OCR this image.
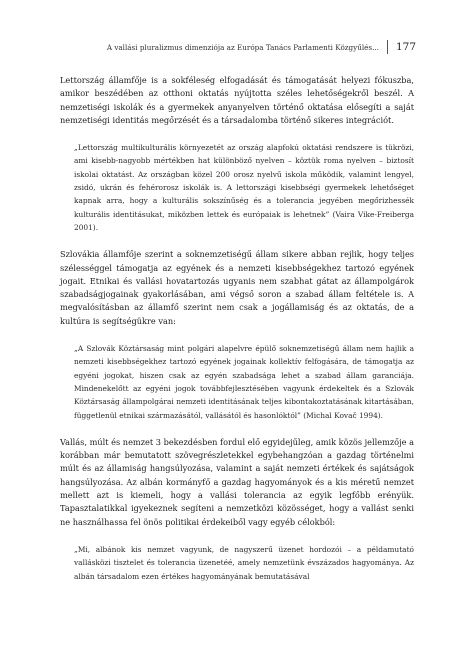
A vallási pluralizmus dimenziója az Európa Tanács Parlamenti Közgyűlés...	177

Lettország államfője is a sokféleség elfogadását és támogatását helyezi fókuszba, amikor beszédében az otthoni oktatás nyújtotta széles lehetőségekről beszél. A nemzetiségi iskolák és a gyermekek anyanyelven történő oktatása elősegíti a saját nemzetiségi identitás megőrzését és a társadalomba történő sikeres integrációt.

„Lettország multikulturális környezetét az ország alapfokú oktatási rendszere is tükrözi, ami kisebb-nagyobb mértékben hat különböző nyelven – köztük roma nyelven – biztosít iskolai oktatást. Az országban közel 200 orosz nyelvű iskola működik, valamint lengyel, zsidó, ukrán és fehérorosz iskolák is. A lettországi kisebbségi gyermekek lehetőséget kapnak arra, hogy a kulturális sokszínűség és a tolerancia jegyében megőrizhessék kulturális identitásukat, miközben lettek és európaiak is lehetnek” (Vaira Vike-Freiberga 2001).

Szlovákia államfője szerint a soknemzetiségű állam sikere abban rejlik, hogy teljes szélességgel támogatja az egyének és a nemzeti kisebbségekhez tartozó egyének jogait. Etnikai és vallási hovatartozás ugyanis nem szabhat gátat az állampolgárok szabadságjogainak gyakorlásában, ami végső soron a szabad állam feltétele is. A megvalósításban az államfő szerint nem csak a jogállamiság és az oktatás, de a kultúra is segítségükre van:

„A Szlovák Köztársaság mint polgári alapelvre épülő soknemzetiségű állam nem hajlik a nemzeti kisebbségekhez tartozó egyének jogainak kollektív felfogására, de támogatja az egyéni jogokat, hiszen csak az egyén szabadsága lehet a szabad állam garanciája. Mindenekelőtt az egyéni jogok továbbfejlesztésében vagyunk érdekeltek és a Szlovák Köztársaság állampolgárai nemzeti identitásának teljes kibontakoztatásának kitartásában, függetlenül etnikai származásától, vallásától és hasonlóktól” (Michal Kovač 1994).

Vallás, múlt és nemzet 3 bekezdésben fordul elő egyidejűleg, amik közös jellemzője a korábban már bemutatott szövegrészletekkel egybehangzóan a gazdag történelmi múlt és az államiság hangsúlyozása, valamint a saját nemzeti értékek és sajátságok hangsúlyozása. Az albán kormányfő a gazdag hagyományok és a kis méretű nemzet mellett azt is kiemeli, hogy a vallási tolerancia az egyik legfőbb erényük. Tapasztalatikkal igyekeznek segíteni a nemzetközi közösséget, hogy a vallást senki ne használhassa fel önös politikai érdekeiből vagy egyéb célokból:

„Mi, albánok kis nemzet vagyunk, de nagyszerű üzenet hordozói – a példamutató vallásközi tisztelet és tolerancia üzenetéé, amely nemzetünk évszázados hagyománya. Az albán társadalom ezen értékes hagyományának bemutatásával
